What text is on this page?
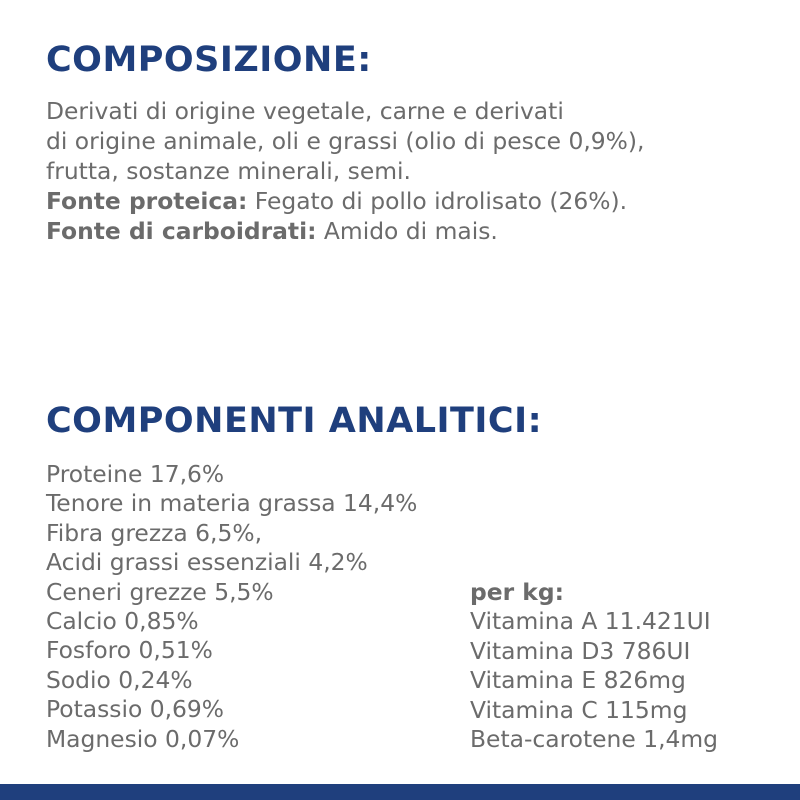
COMPOSIZIONE:
Derivati di origine vegetale, carne e derivati
di origine animale, oli e grassi (olio di pesce 0,9%),
frutta, sostanze minerali, semi.
Fonte proteica: Fegato di pollo idrolisato (26%).
Fonte di carboidrati: Amido di mais.
COMPONENTI ANALITICI:
Proteine 17,6%
Tenore in materia grassa 14,4%
Fibra grezza 6,5%,
Acidi grassi essenziali 4,2%
Ceneri grezze 5,5%
Calcio 0,85%
Fosforo 0,51%
Sodio 0,24%
Potassio 0,69%
Magnesio 0,07%
per kg:
Vitamina A 11.421UI
Vitamina D3 786UI
Vitamina E 826mg
Vitamina C 115mg
Beta-carotene 1,4mg
